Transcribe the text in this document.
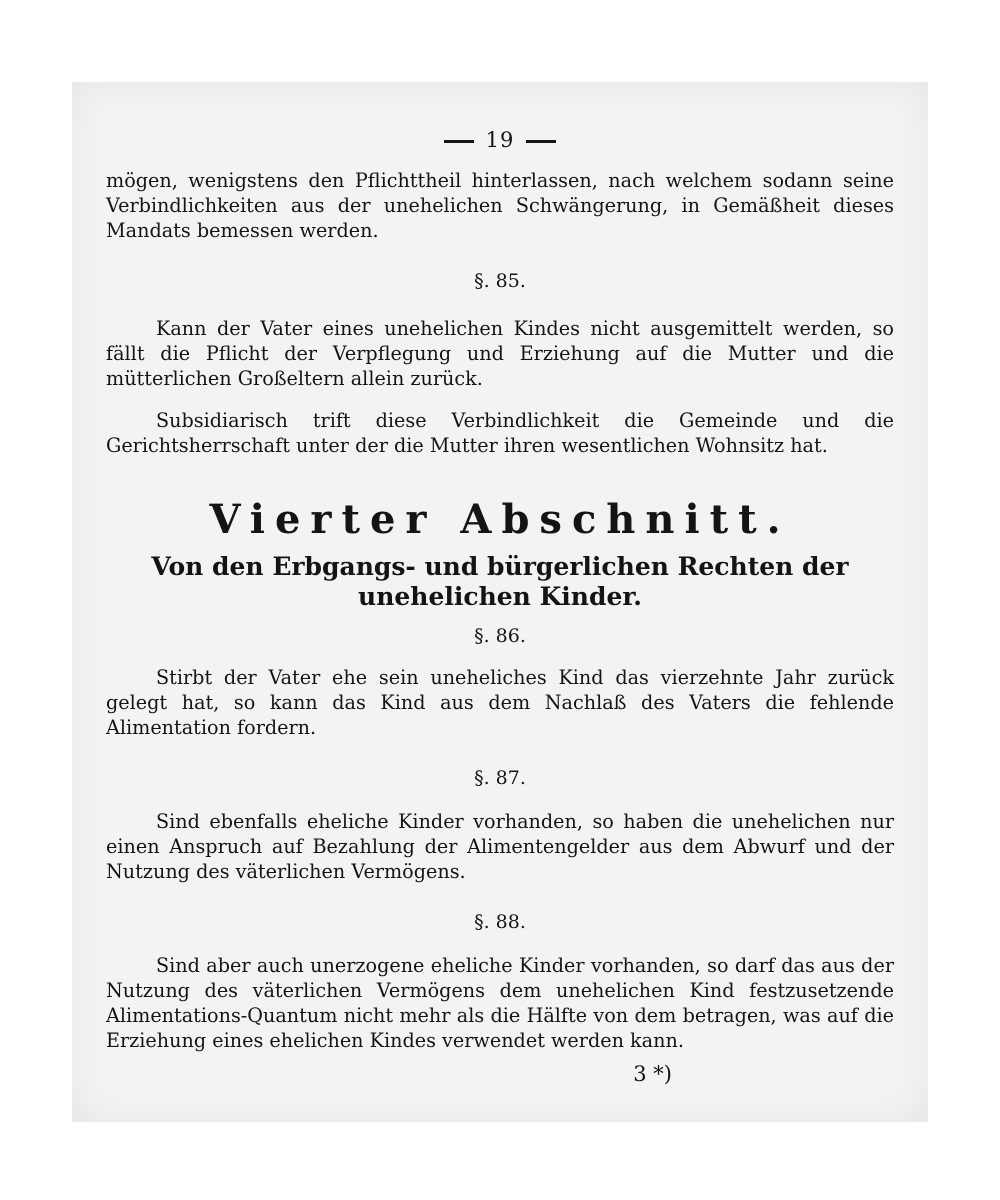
19

mögen, wenigstens den Pflichttheil hinterlassen, nach welchem sodann seine Verbindlichkeiten aus der unehelichen Schwängerung, in Gemäßheit dieses Mandats bemessen werden.

§. 85.

Kann der Vater eines unehelichen Kindes nicht ausgemittelt werden, so fällt die Pflicht der Verpflegung und Erziehung auf die Mutter und die mütterlichen Großeltern allein zurück.

Subsidiarisch trift diese Verbindlichkeit die Gemeinde und die Gerichtsherrschaft unter der die Mutter ihren wesentlichen Wohnsitz hat.

Vierter Abschnitt.
Von den Erbgangs- und bürgerlichen Rechten der unehelichen Kinder.
§. 86.

Stirbt der Vater ehe sein uneheliches Kind das vierzehnte Jahr zurück gelegt hat, so kann das Kind aus dem Nachlaß des Vaters die fehlende Alimentation fordern.

§. 87.

Sind ebenfalls eheliche Kinder vorhanden, so haben die unehelichen nur einen Anspruch auf Bezahlung der Alimentengelder aus dem Abwurf und der Nutzung des väterlichen Vermögens.

§. 88.

Sind aber auch unerzogene eheliche Kinder vorhanden, so darf das aus der Nutzung des väterlichen Vermögens dem unehelichen Kind festzusetzende Alimentations-Quantum nicht mehr als die Hälfte von dem betragen, was auf die Erziehung eines ehelichen Kindes verwendet werden kann.

3 *)
